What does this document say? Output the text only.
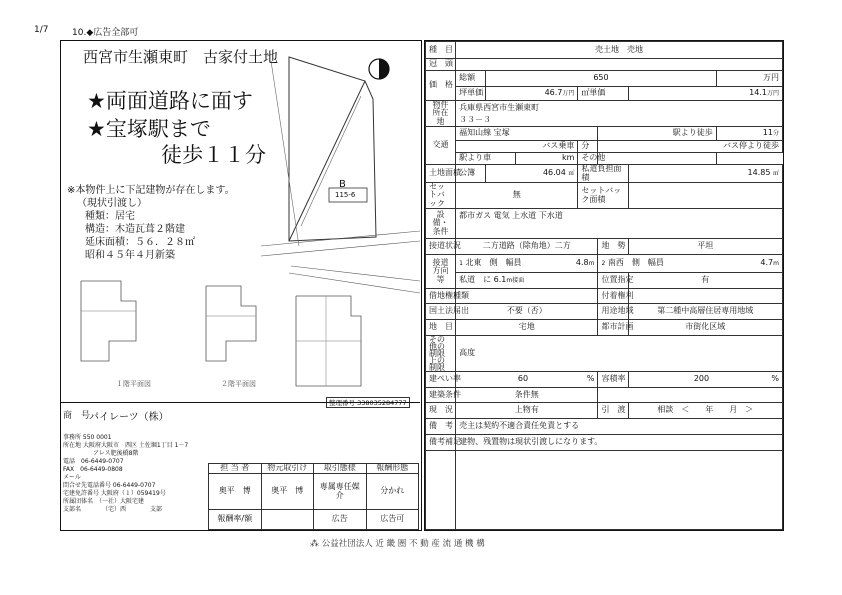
1/7	10.◆広告全部可
西宮市生瀬東町　古家付土地
★両面道路に面す
★宝塚駅まで
徒歩１１分
※本物件上に下記建物が存在します。
（現状引渡し）
種類：居宅
構造：木造瓦葺２階建
延床面積：５６．２８㎡
昭和４５年４月新築
B
115-6
１階平面図	２階平面図
整理番号 338035284777
商　号
パイレーツ（株）
事務所 550 0001
所在地 大阪府大阪市　西区 土佐堀1丁目 1－7
アレス肥後橋8階
電話　 06-6449-0707
FAX　 06-6449-0808
メール
問合せ先電話番号 06-6449-0707
宅建免許番号 大阪府（１）059419号
所属団体名　（一社）大阪宅建
支部名　　　　（宅）西　　　　支部
担 当 者	物元取引け	取引態様	報酬形態
奥平　博	奥平　博	専属専任媒介	分かれ
報酬率/額		広告	広告可
種　目	売土地　売地						
冠　頭							
価　格	総額	650					万円
	坪単価	46.7万円		㎡単価		14.1万円	
物件所在地	兵庫県西宮市生瀬東町
３３－３						

交通	福知山線 宝塚				駅より徒歩		11分
	バス乗車			分	バス停より徒歩		
	駅より車		km	その他			
土地面積	公簿	46.04 ㎡		私道負担面積		14.85 ㎡	
セットバック	無			セットバック面積			
設備・条件	都市ガス 電気 上水道 下水道						
接道状況	二方道路（除角地）二方				地　勢	平坦	
接道方向等	1 北東　側　幅員 4.8m				2 南西　側　幅員 4.7m		

	私道　に 6.1m接面				位置指定	有	
借地権種類					付着権利		
国土法届出	不要（否）				用途地域	第二種中高層住居専用地域	
地　目	宅地				都市計画	市街化区域	
その他の制限
上の制限	高度						
建ぺい率	60 %				容積率	200 %	

建築条件	条件無						
現　況	上物有				引　渡	相談　＜　　年　　月　＞	
備　考	売主は契約不適合責任免責とする						
備考補足	建物、残置物は現状引渡しになります。						

⁂ 公益社団法人 近 畿 圏 不 動 産 流 通 機 構
